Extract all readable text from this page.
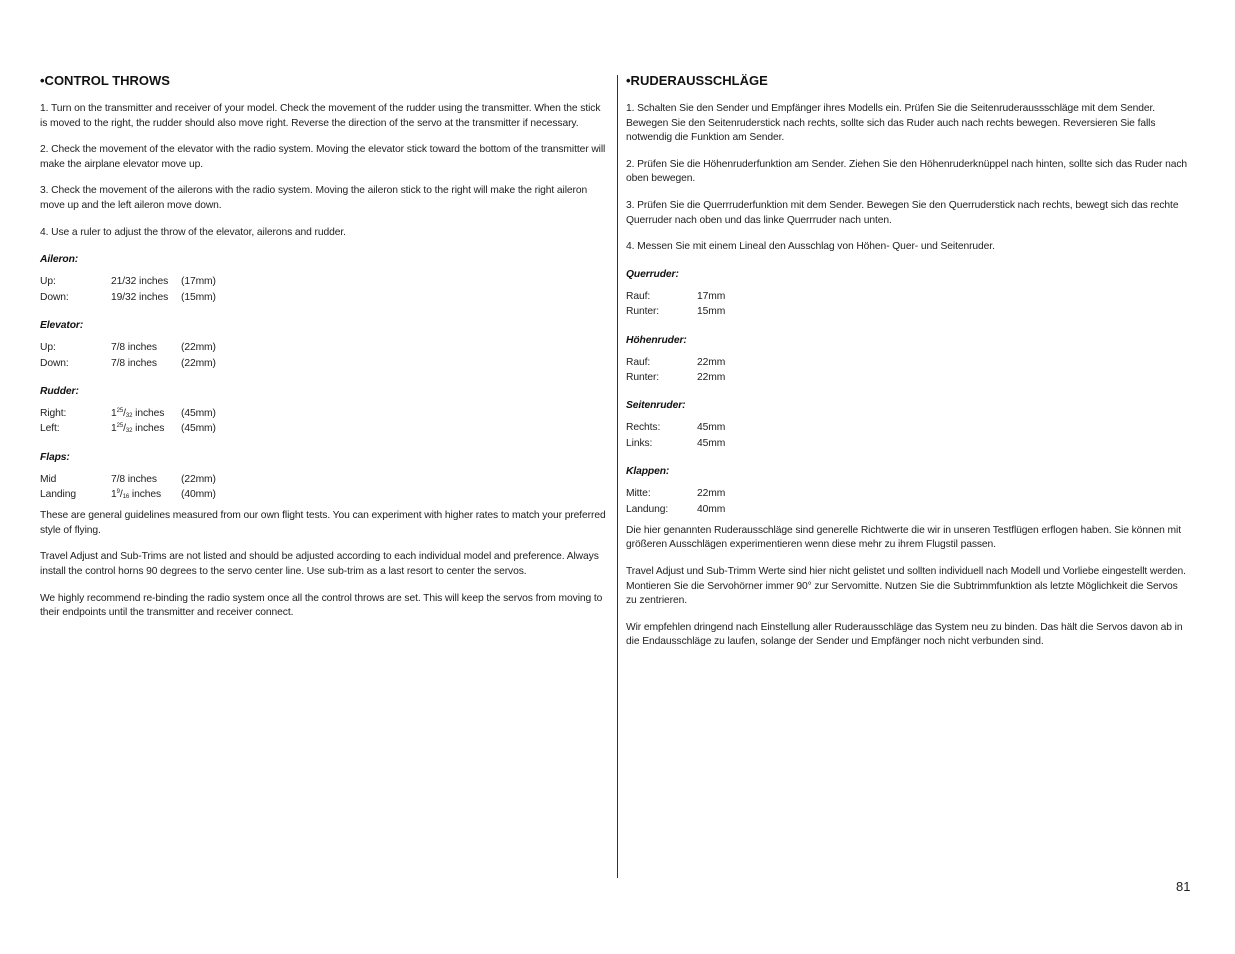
•CONTROL THROWS

1. Turn on the transmitter and receiver of your model. Check the movement of the rudder using the transmitter. When the stick is moved to the right, the rudder should also move right. Reverse the direction of the servo at the transmitter if necessary.

2. Check the movement of the elevator with the radio system. Moving the elevator stick toward the bottom of the transmitter will make the airplane elevator move up.

3. Check the movement of the ailerons with the radio system. Moving the aileron stick to the right will make the right aileron move up and the left aileron move down.

4. Use a ruler to adjust the throw of the elevator, ailerons and rudder.

Aileron:
Up:	21/32 inches	(17mm)
Down:	19/32 inches	(15mm)
Elevator:
Up:	7/8 inches	(22mm)
Down:	7/8 inches	(22mm)
Rudder:
Right:	$1^{25}/_{32}$ inches	(45mm)
Left:	$1^{25}/_{32}$ inches	(45mm)
Flaps:
Mid	7/8 inches	(22mm)
Landing	$1^9/_{16}$ inches	(40mm)

These are general guidelines measured from our own flight tests. You can experiment with higher rates to match your preferred style of flying.

Travel Adjust and Sub-Trims are not listed and should be adjusted according to each individual model and preference. Always install the control horns 90 degrees to the servo center line. Use sub-trim as a last resort to center the servos.

We highly recommend re-binding the radio system once all the control throws are set. This will keep the servos from moving to their endpoints until the transmitter and receiver connect.

•RUDERAUSSCHLÄGE

1. Schalten Sie den Sender und Empfänger ihres Modells ein. Prüfen Sie die Seitenruderaussschläge mit dem Sender. Bewegen Sie den Seitenruderstick nach rechts, sollte sich das Ruder auch nach rechts bewegen. Reversieren Sie falls notwendig die Funktion am Sender.

2. Prüfen Sie die Höhenruderfunktion am Sender. Ziehen Sie den Höhenruderknüppel nach hinten, sollte sich das Ruder nach oben bewegen.

3. Prüfen Sie die Querrruderfunktion mit dem Sender. Bewegen Sie den Querruderstick nach rechts, bewegt sich das rechte Querruder nach oben und das linke Querrruder nach unten.

4. Messen Sie mit einem Lineal den Ausschlag von Höhen- Quer- und Seitenruder.

Querruder:
Rauf:	17mm
Runter:	15mm
Höhenruder:
Rauf:	22mm
Runter:	22mm
Seitenruder:
Rechts:	45mm
Links:	45mm
Klappen:
Mitte:	22mm
Landung:	40mm

Die hier genannten Ruderausschläge sind generelle Richtwerte die wir in unseren Testflügen erflogen haben. Sie können mit größeren Ausschlägen experimentieren wenn diese mehr zu ihrem Flugstil passen.

Travel Adjust und Sub-Trimm Werte sind hier nicht gelistet und sollten individuell nach Modell und Vorliebe eingestellt werden. Montieren Sie die Servohörner immer 90° zur Servomitte. Nutzen Sie die Subtrimmfunktion als letzte Möglichkeit die Servos zu zentrieren.

Wir empfehlen dringend nach Einstellung aller Ruderausschläge das System neu zu binden. Das hält die Servos davon ab in die Endausschläge zu laufen, solange der Sender und Empfänger noch nicht verbunden sind.

81
